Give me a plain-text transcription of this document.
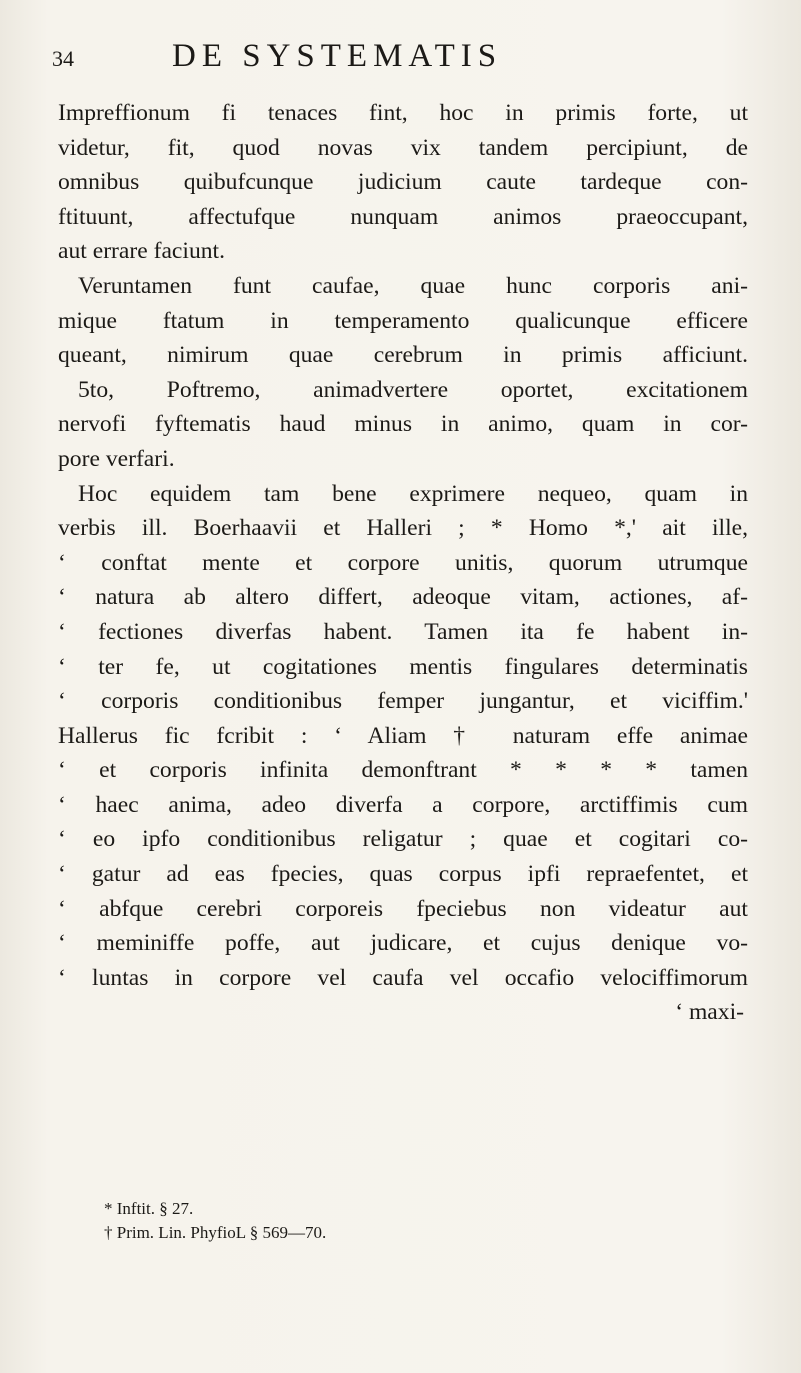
34	DE SYSTEMATIS
Impreffionum fi tenaces fint, hoc in primis forte, ut
videtur, fit, quod novas vix tandem percipiunt, de
omnibus quibufcunque judicium caute tardeque con-
ftituunt, affectufque nunquam animos praeoccupant,
aut errare faciunt.
Veruntamen funt caufae, quae hunc corporis ani-
mique ftatum in temperamento qualicunque efficere
queant, nimirum quae cerebrum in primis afficiunt.
5to, Poftremo, animadvertere oportet, excitationem
nervofi fyftematis haud minus in animo, quam in cor-
pore verfari.
Hoc equidem tam bene exprimere nequeo, quam in
verbis ill. Boerhaavii et Halleri ; * Homo *,' ait ille,
‘ conftat mente et corpore unitis, quorum utrumque
‘ natura ab altero differt, adeoque vitam, actiones, af-
‘ fectiones diverfas habent. Tamen ita fe habent in-
‘ ter fe, ut cogitationes mentis fingulares determinatis
‘ corporis conditionibus femper jungantur, et viciffim.'
Hallerus fic fcribit : ‘ Aliam † naturam effe animae
‘ et corporis infinita demonftrant * * * * tamen
‘ haec anima, adeo diverfa a corpore, arctiffimis cum
‘ eo ipfo conditionibus religatur ; quae et cogitari co-
‘ gatur ad eas fpecies, quas corpus ipfi repraefentet, et
‘ abfque cerebri corporeis fpeciebus non videatur aut
‘ meminiffe poffe, aut judicare, et cujus denique vo-
‘ luntas in corpore vel caufa vel occafio velociffimorum
‘ maxi-
* Inftit. § 27.
† Prim. Lin. PhyfioL § 569—70.
